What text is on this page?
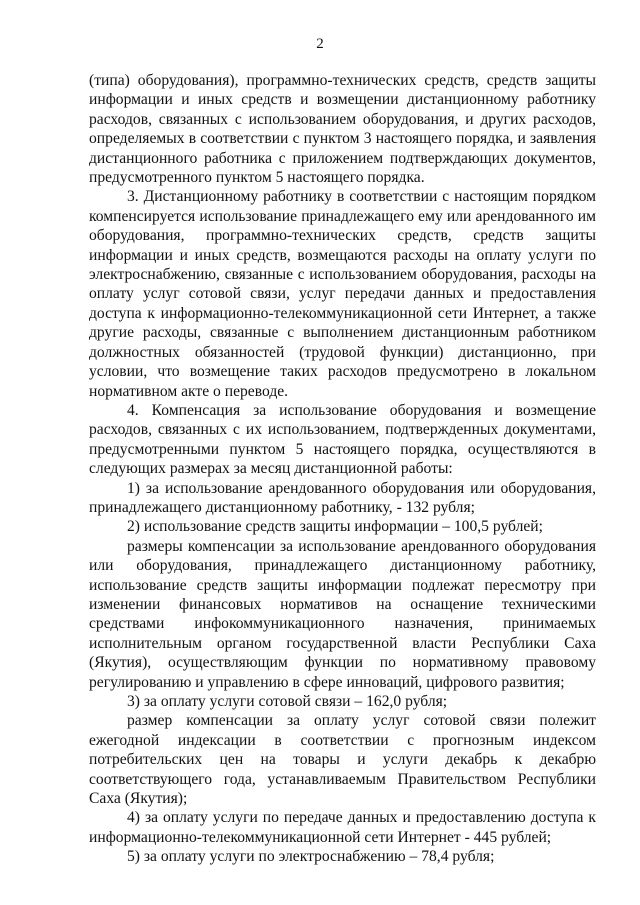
2

(типа) оборудования), программно-технических средств, средств защиты информации и иных средств и возмещении дистанционному работнику расходов, связанных с использованием оборудования, и других расходов, определяемых в соответствии с пунктом 3 настоящего порядка, и заявления дистанционного работника с приложением подтверждающих документов, предусмотренного пунктом 5 настоящего порядка.

3. Дистанционному работнику в соответствии с настоящим порядком компенсируется использование принадлежащего ему или арендованного им оборудования, программно-технических средств, средств защиты информации и иных средств, возмещаются расходы на оплату услуги по электроснабжению, связанные с использованием оборудования, расходы на оплату услуг сотовой связи, услуг передачи данных и предоставления доступа к информационно-телекоммуникационной сети Интернет, а также другие расходы, связанные с выполнением дистанционным работником должностных обязанностей (трудовой функции) дистанционно, при условии, что возмещение таких расходов предусмотрено в локальном нормативном акте о переводе.

4. Компенсация за использование оборудования и возмещение расходов, связанных с их использованием, подтвержденных документами, предусмотренными пунктом 5 настоящего порядка, осуществляются в следующих размерах за месяц дистанционной работы:

1) за использование арендованного оборудования или оборудования, принадлежащего дистанционному работнику, - 132 рубля;

2) использование средств защиты информации – 100,5 рублей;

размеры компенсации за использование арендованного оборудования или оборудования, принадлежащего дистанционному работнику, использование средств защиты информации подлежат пересмотру при изменении финансовых нормативов на оснащение техническими средствами инфокоммуникационного назначения, принимаемых исполнительным органом государственной власти Республики Саха (Якутия), осуществляющим функции по нормативному правовому регулированию и управлению в сфере инноваций, цифрового развития;

3) за оплату услуги сотовой связи – 162,0 рубля;

размер компенсации за оплату услуг сотовой связи полежит ежегодной индексации в соответствии с прогнозным индексом потребительских цен на товары и услуги декабрь к декабрю соответствующего года, устанавливаемым Правительством Республики Саха (Якутия);

4) за оплату услуги по передаче данных и предоставлению доступа к информационно-телекоммуникационной сети Интернет - 445 рублей;

5) за оплату услуги по электроснабжению – 78,4 рубля;
